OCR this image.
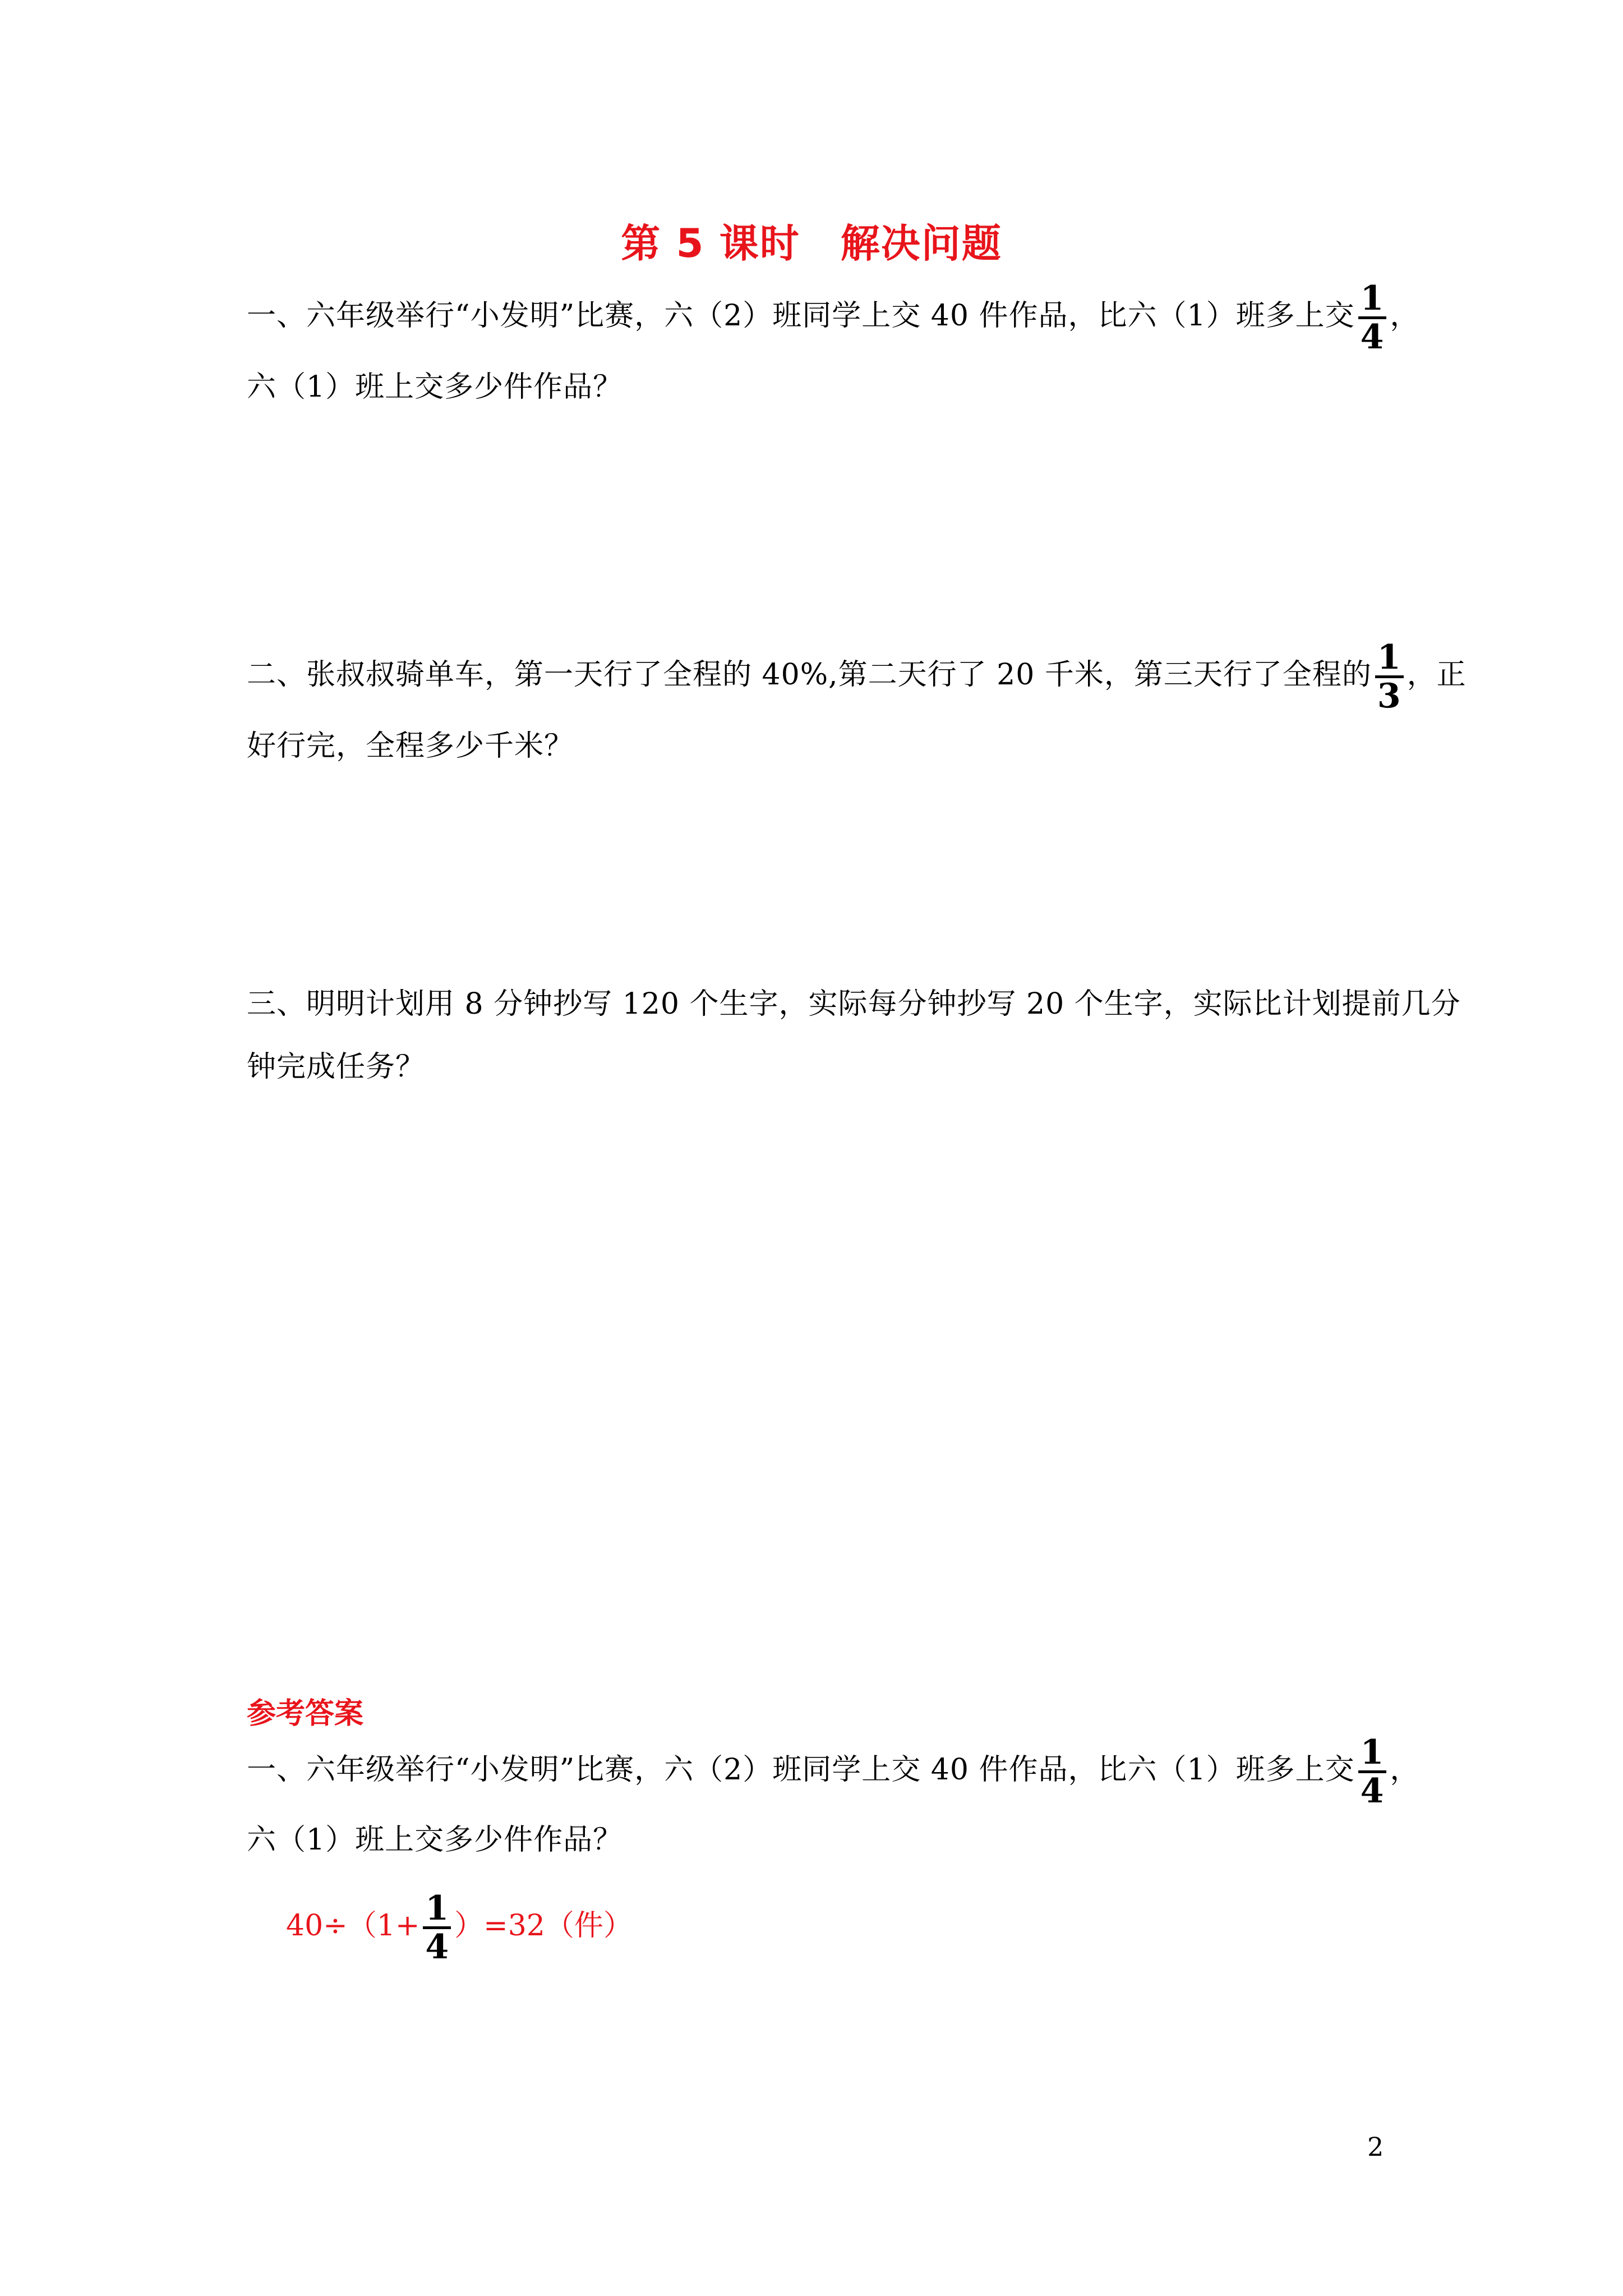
第 5 课时　解决问题
一、六年级举行“小发明”比赛，六（2）班同学上交 40 件作品，比六（1）班多上交 $\frac{1}{4}$ ，
六（1）班上交多少件作品？
二、张叔叔骑单车，第一天行了全程的 40%,第二天行了 20 千米，第三天行了全程的 $\frac{1}{3}$ ，正
好行完，全程多少千米？
三、明明计划用 8 分钟抄写 120 个生字，实际每分钟抄写 20 个生字，实际比计划提前几分
钟完成任务？
参考答案
一、六年级举行“小发明”比赛，六（2）班同学上交 40 件作品，比六（1）班多上交 $\frac{1}{4}$ ，
六（1）班上交多少件作品？
$40\div(1+ \frac{1}{4} )=32$（件）
2
